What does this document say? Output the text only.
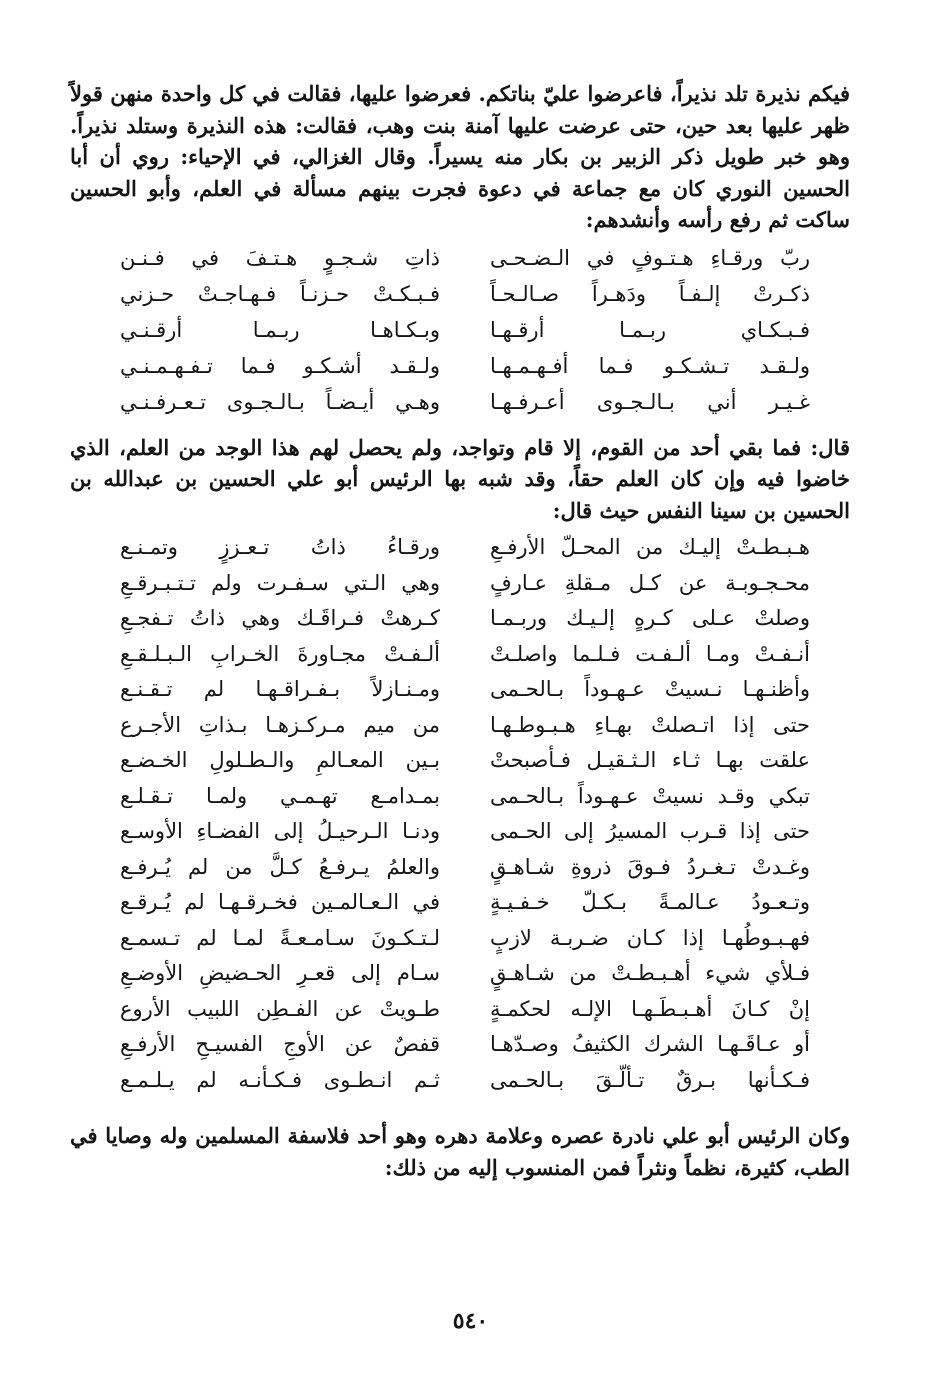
فيكم نذيرة تلد نذيراً، فاعرضوا عليّ بناتكم. فعرضوا عليها، فقالت في كل واحدة منهن قولاً ظهر عليها بعد حين، حتى عرضت عليها آمنة بنت وهب، فقالت: هذه النذيرة وستلد نذيراً. وهو خبر طويل ذكر الزبير بن بكار منه يسيراً. وقال الغزالي، في الإحياء: روي أن أبا الحسين النوري كان مع جماعة في دعوة فجرت بينهم مسألة في العلم، وأبو الحسين ساكت ثم رفع رأسه وأنشدهم:

ربّ ورقـاءِ هـتـوفٍ في الـضـحـى
ذاتِ شـجـوٍ هـتـفَ في فـنـن
ذكـرتْ إلـفـاً ودَهـراً صـالـحـاً
فـبـكـتْ حـزنـاً فـهـاجـتْ حـزني
فـبـكـاي ربـمـا أرقـهـا
وبـكـاهـا ربـمـا أرقـنـي
ولـقـد تـشـكـو فـما أفـهـمـهـا
ولـقـد أشـكـو فـما تـفـهـمـنـي
غـيـر أني بـالـجـوى أعـرفـهـا
وهـي أيـضـاً بـالـجـوى تـعـرفـنـي

قال: فما بقي أحد من القوم، إلا قام وتواجد، ولم يحصل لهم هذا الوجد من العلم، الذي خاضوا فيه وإن كان العلم حقاً، وقد شبه بها الرئيس أبو علي الحسين بن عبدالله بن الحسين بن سينا النفس حيث قال:

هـبـطـتْ إليـك من المحـلّ الأرفـعِ
ورقـاءُ ذاتُ تـعـززٍ وتمـنـع
محـجـوبـة عن كـل مـقلةِ عـارفٍ
وهي الـتي سـفـرت ولم تـتـبـرقـعِ
وصلتْ عـلى كـرهٍ إلـيـك وربـمـا
كـرهتْ فـراقَـك وهي ذاتُ تـفجـعِ
أنـفـتْ ومـا ألـفـت فـلـما واصلـتْ
ألـفـتْ مجـاورةَ الخـرابِ الـبـلـقـعِ
وأظنـهـا نـسيتْ عـهـوداً بـالحـمى
ومـنـازلاً بـفـراقـهـا لم تـقـنـع
حتى إذا اتـصلتْ بهـاءِ هـبـوطـهـا
من ميم مـركـزهـا بـذاتِ الأجـرع
علقت بهـا ثـاء الـثـقيـل فـأصبحتْ
بـين المعـالمِ والـطـلولِ الخـضـع
تبكي وقـد نسيتْ عـهـوداً بـالحـمى
بمـدامـع تهـمـي ولمـا تـقـلـع
حتى إذا قـرب المسيرُ إلى الحـمى
ودنـا الـرحيـلُ إلى الفضـاءِ الأوسـع
وغـدتْ تـغـردُ فـوقَ ذروةِ شـاهـقٍ
والعلمُ يـرفـعُ كـلَّ من لم يُـرفـع
وتـعـودُ عـالمـةً بـكـلّ خـفـيـةٍ
في الـعـالمـين فخـرقـهـا لم يُـرقـع
فهـبـوطُهـا إذا كـان ضـربـة لازبٍ
لـتـكـونَ سـامـعـةً لمـا لم تـسمـع
فـلأي شيء أهـبـطـتْ من شـاهـقٍ
سـام إلى قعـرِ الحـضيضِ الأوضـعِ
إنْ كـانَ أهـبـطَـهـا الإلـه لحكمـةٍ
طـويتْ عن الفـطِن اللبيب الأروع
أو عـاقَـهـا الشرك الكثيفُ وصـدّهـا
قفصٌ عن الأوجِ الفسيـحِ الأرفـعِ
فـكـأنها بـرقٌ تـألّـقَ بـالحـمى
ثـم انـطـوى فـكـأنـه لم يـلـمـع

وكان الرئيس أبو علي نادرة عصره وعلامة دهره وهو أحد فلاسفة المسلمين وله وصايا في الطب، كثيرة، نظماً ونثراً فمن المنسوب إليه من ذلك:

٥٤٠
